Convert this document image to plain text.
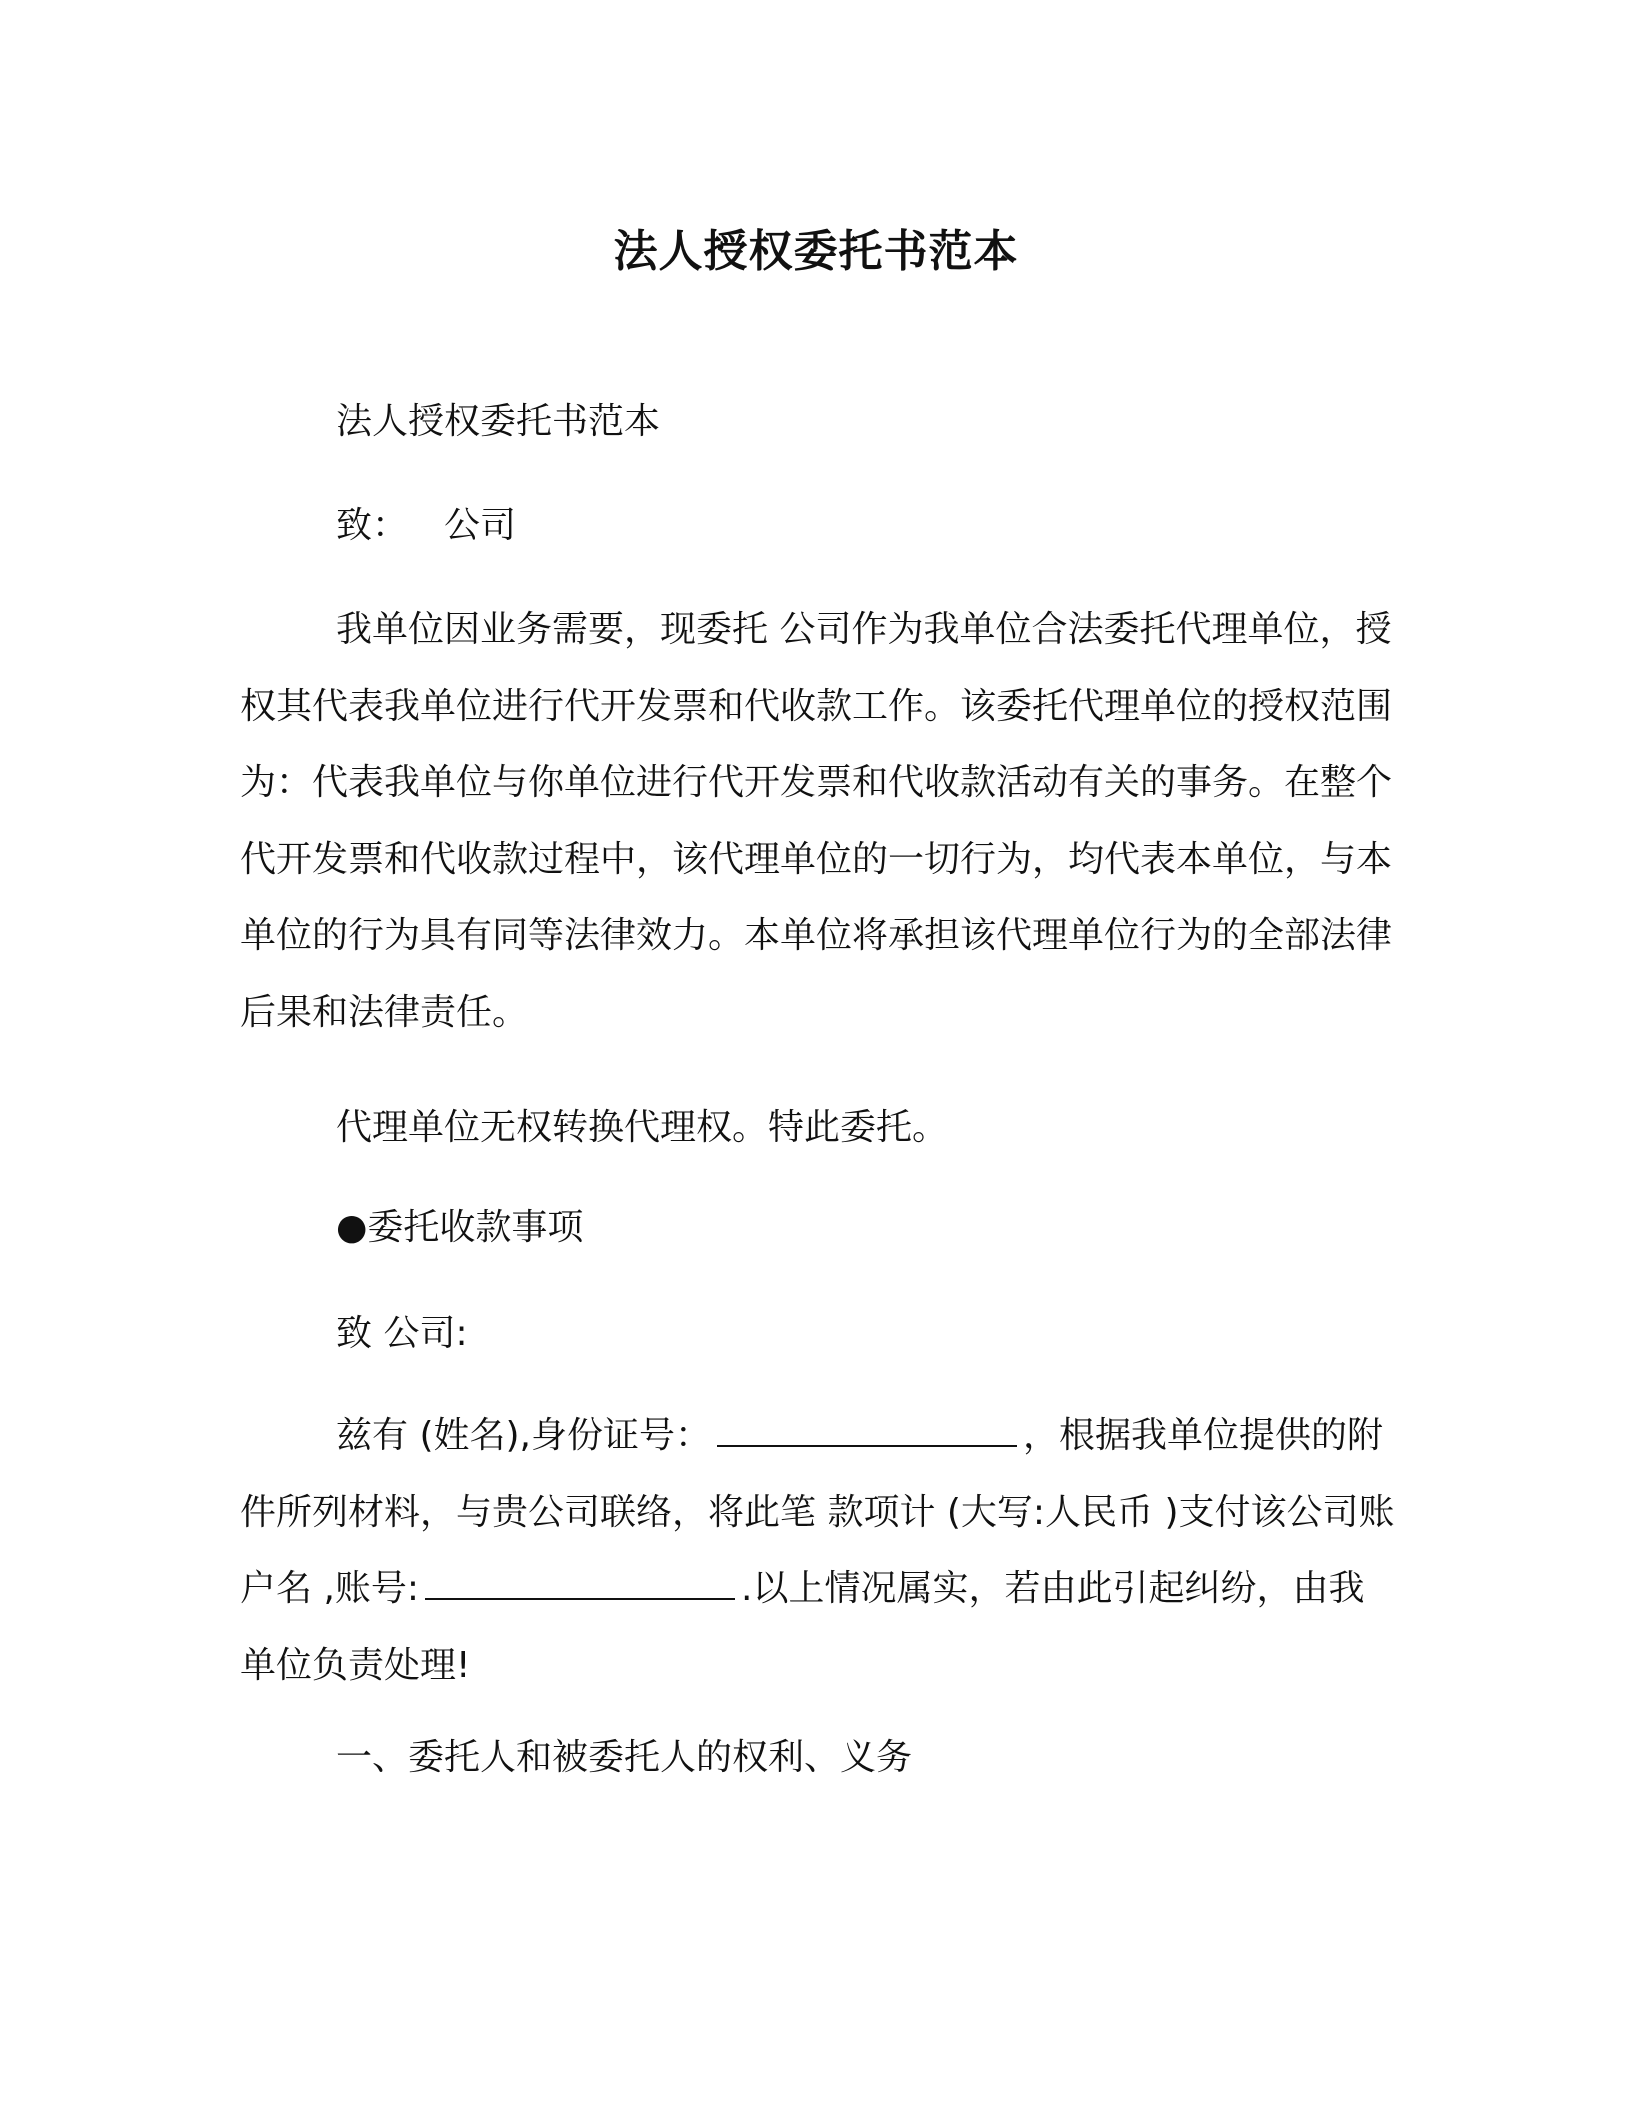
法人授权委托书范本

法人授权委托书范本

致： 公司

我单位因业务需要，现委托 公司作为我单位合法委托代理单位，授权其代表我单位进行代开发票和代收款工作。该委托代理单位的授权范围为：代表我单位与你单位进行代开发票和代收款活动有关的事务。在整个代开发票和代收款过程中，该代理单位的一切行为，均代表本单位，与本单位的行为具有同等法律效力。本单位将承担该代理单位行为的全部法律后果和法律责任。

代理单位无权转换代理权。特此委托。

●委托收款事项

致 公司:

兹有 (姓名),身份证号：	，根据我单位提供的附件所列材料，与贵公司联络，将此笔 款项计 (大写:人民币 )支付该公司账户名 ,账号:	.以上情况属实，若由此引起纠纷，由我单位负责处理!

一、委托人和被委托人的权利、义务
